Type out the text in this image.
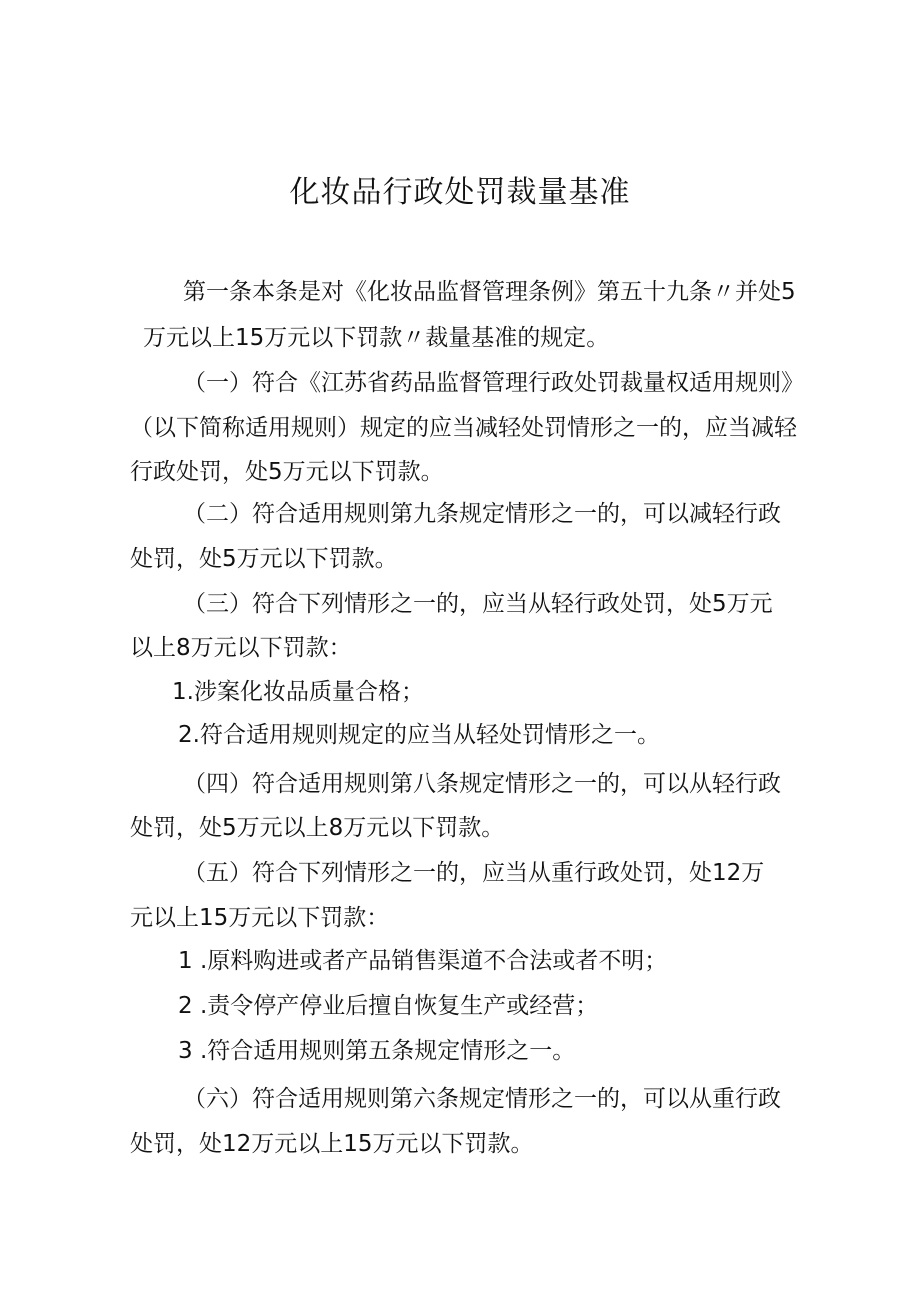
化妆品行政处罚裁量基准

第一条本条是对《化妆品监督管理条例》第五十九条〃并处5

万元以上15万元以下罚款〃裁量基准的规定。

（一）符合《江苏省药品监督管理行政处罚裁量权适用规则》

（以下简称适用规则）规定的应当减轻处罚情形之一的，应当减轻

行政处罚，处5万元以下罚款。

（二）符合适用规则第九条规定情形之一的，可以减轻行政

处罚，处5万元以下罚款。

（三）符合下列情形之一的，应当从轻行政处罚，处5万元

以上8万元以下罚款：

1.涉案化妆品质量合格；

2.符合适用规则规定的应当从轻处罚情形之一。

（四）符合适用规则第八条规定情形之一的，可以从轻行政

处罚，处5万元以上8万元以下罚款。

（五）符合下列情形之一的，应当从重行政处罚，处12万

元以上15万元以下罚款：

1 .原料购进或者产品销售渠道不合法或者不明；

2 .责令停产停业后擅自恢复生产或经营；

3 .符合适用规则第五条规定情形之一。

（六）符合适用规则第六条规定情形之一的，可以从重行政

处罚，处12万元以上15万元以下罚款。
